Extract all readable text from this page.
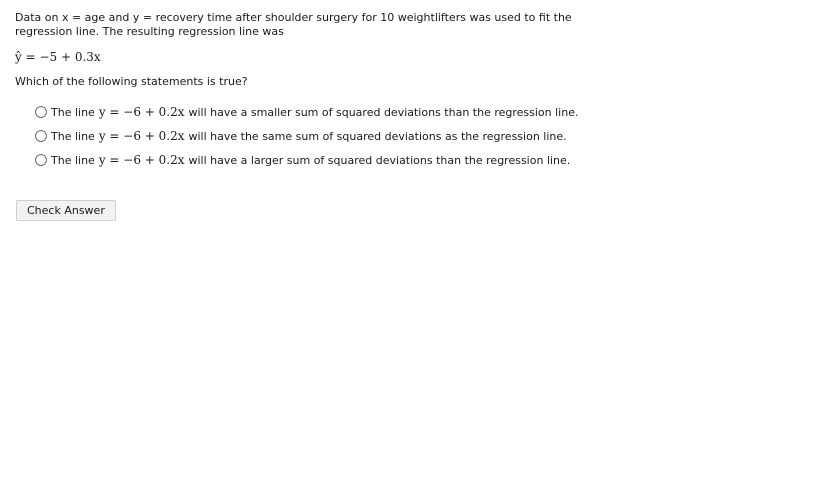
Data on x = age and y = recovery time after shoulder surgery for 10 weightlifters was used to fit the regression line. The resulting regression line was

ŷ = −5 + 0.3x
Which of the following statements is true?
The line y = −6 + 0.2x will have a smaller sum of squared deviations than the regression line.
The line y = −6 + 0.2x will have the same sum of squared deviations as the regression line.
The line y = −6 + 0.2x will have a larger sum of squared deviations than the regression line.
Check Answer
